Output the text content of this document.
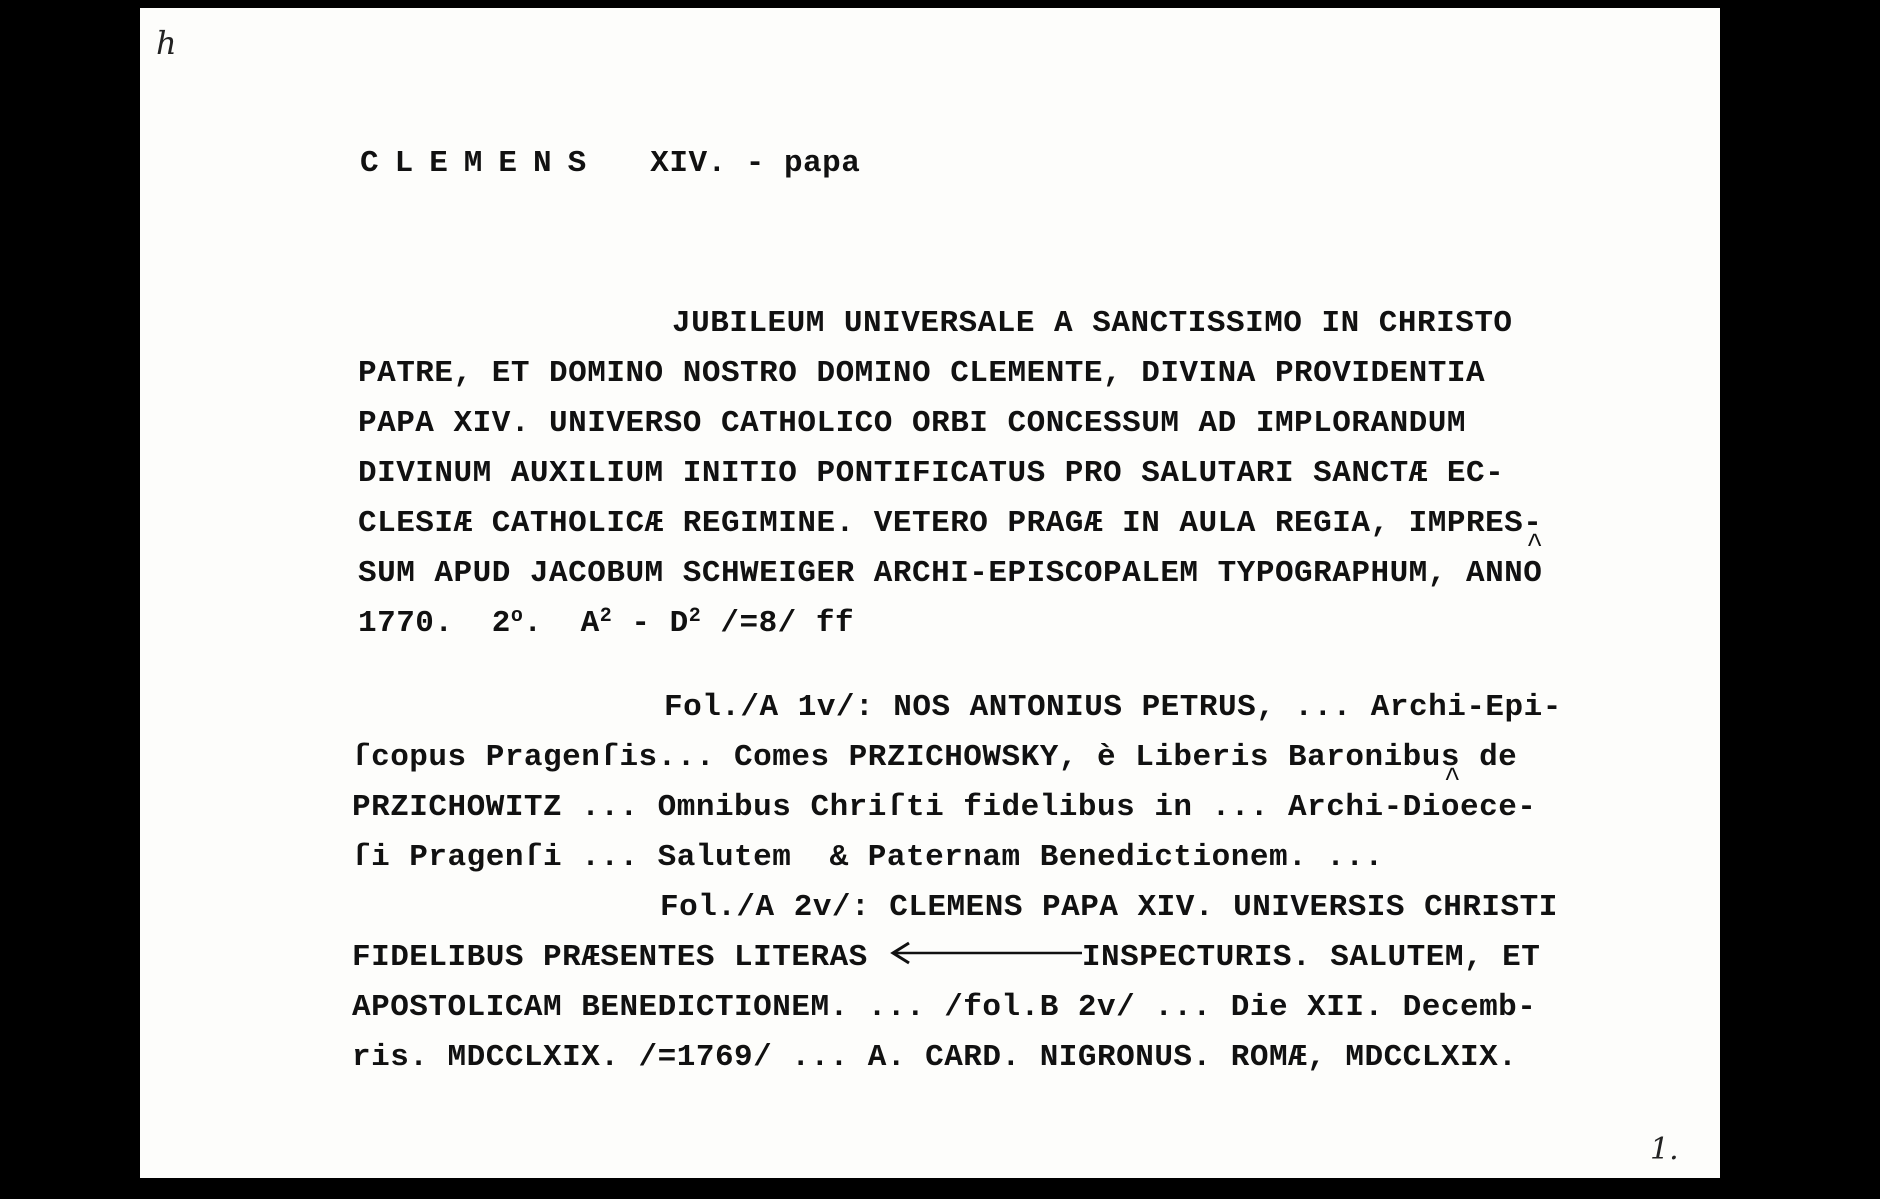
h
1.
CLEMENS XIV. - papa
JUBILEUM UNIVERSALE A SANCTISSIMO IN CHRISTO
PATRE, ET DOMINO NOSTRO DOMINO CLEMENTE, DIVINA PROVIDENTIA
PAPA XIV. UNIVERSO CATHOLICO ORBI CONCESSUM AD IMPLORANDUM
DIVINUM AUXILIUM INITIO PONTIFICATUS PRO SALUTARI SANCTÆ EC-
CLESIÆ CATHOLICÆ REGIMINE. VETERO PRAGÆ IN AULA REGIA, IMPRES-
SUM APUD JACOBUM SCHWEIGER ARCHI-EPISCOPALEM TYPOGRAPHUM, ANN^ O
1770. 2$^o$.  $A^2 - D^2$ /=8/ ff
Fol./A 1v/: NOS ANTONIUS PETRUS, ... Archi-Epi-
ſcopus Pragenſis... Comes PRZICHOWSKY, è Liberis Baronibus de
PRZICHOWITZ ... Omnibus Chriſti fidelibus in ... Archi-Di^ oece-
ſi Pragenſi ... Salutem  & Paternam Benedictionem. ...
Fol./A 2v/: CLEMENS PAPA XIV. UNIVERSIS CHRISTI
FIDELIBUS PRÆSENTES LITERAS	INSPECTURIS. SALUTEM, ET
APOSTOLICAM BENEDICTIONEM. ... /fol.B 2v/ ... Die XII. Decemb-
ris. MDCCLXIX. /=1769/ ... A. CARD. NIGRONUS. ROMÆ, MDCCLXIX.
